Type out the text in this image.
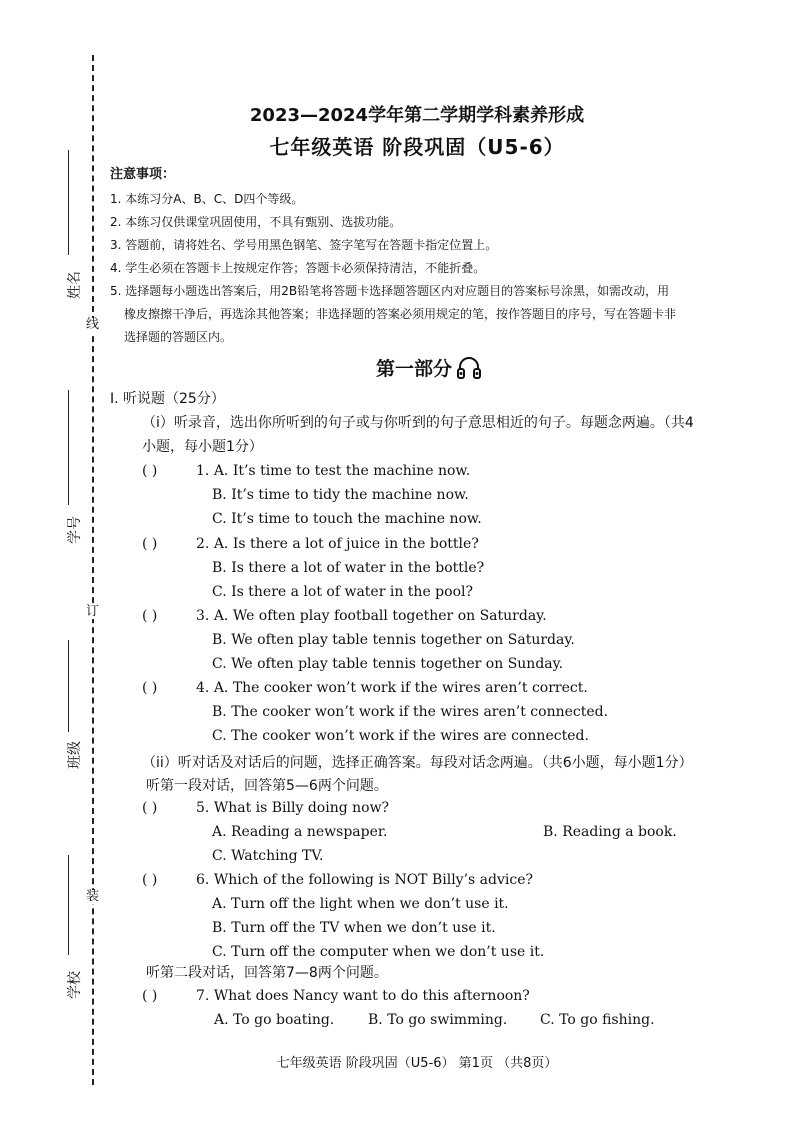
线
订
装
姓名
学号
班级
学校
2023—2024学年第二学期学科素养形成
七年级英语 阶段巩固（U5-6）
注意事项：
1. 本练习分A、B、C、D四个等级。
2. 本练习仅供课堂巩固使用，不具有甄别、选拔功能。
3. 答题前，请将姓名、学号用黑色钢笔、签字笔写在答题卡指定位置上。
4. 学生必须在答题卡上按规定作答；答题卡必须保持清洁，不能折叠。
5. 选择题每小题选出答案后，用2B铅笔将答题卡选择题答题区内对应题目的答案标号涂黑，如需改动，用
橡皮擦擦干净后，再选涂其他答案；非选择题的答案必须用规定的笔，按作答题目的序号，写在答题卡非
选择题的答题区内。
第一部分
Ⅰ. 听说题（25分）
（i）听录音，选出你所听到的句子或与你听到的句子意思相近的句子。每题念两遍。（共4
小题，每小题1分）
( )	1. A. It’s time to test the machine now.
B. It’s time to tidy the machine now.
C. It’s time to touch the machine now.
( )	2. A. Is there a lot of juice in the bottle?
B. Is there a lot of water in the bottle?
C. Is there a lot of water in the pool?
( )	3. A. We often play football together on Saturday.
B. We often play table tennis together on Saturday.
C. We often play table tennis together on Sunday.
( )	4. A. The cooker won’t work if the wires aren’t correct.
B. The cooker won’t work if the wires aren’t connected.
C. The cooker won’t work if the wires are connected.
（ii）听对话及对话后的问题，选择正确答案。每段对话念两遍。（共6小题，每小题1分）
听第一段对话，回答第5—6两个问题。
( )	5. What is Billy doing now?
A. Reading a newspaper.	B. Reading a book.
C. Watching TV.
( )	6. Which of the following is NOT Billy’s advice?
A. Turn off the light when we don’t use it.
B. Turn off the TV when we don’t use it.
C. Turn off the computer when we don’t use it.
听第二段对话，回答第7—8两个问题。
( )	7. What does Nancy want to do this afternoon?
A. To go boating. B. To go swimming. C. To go fishing.
七年级英语 阶段巩固（U5-6） 第1页 （共8页）
